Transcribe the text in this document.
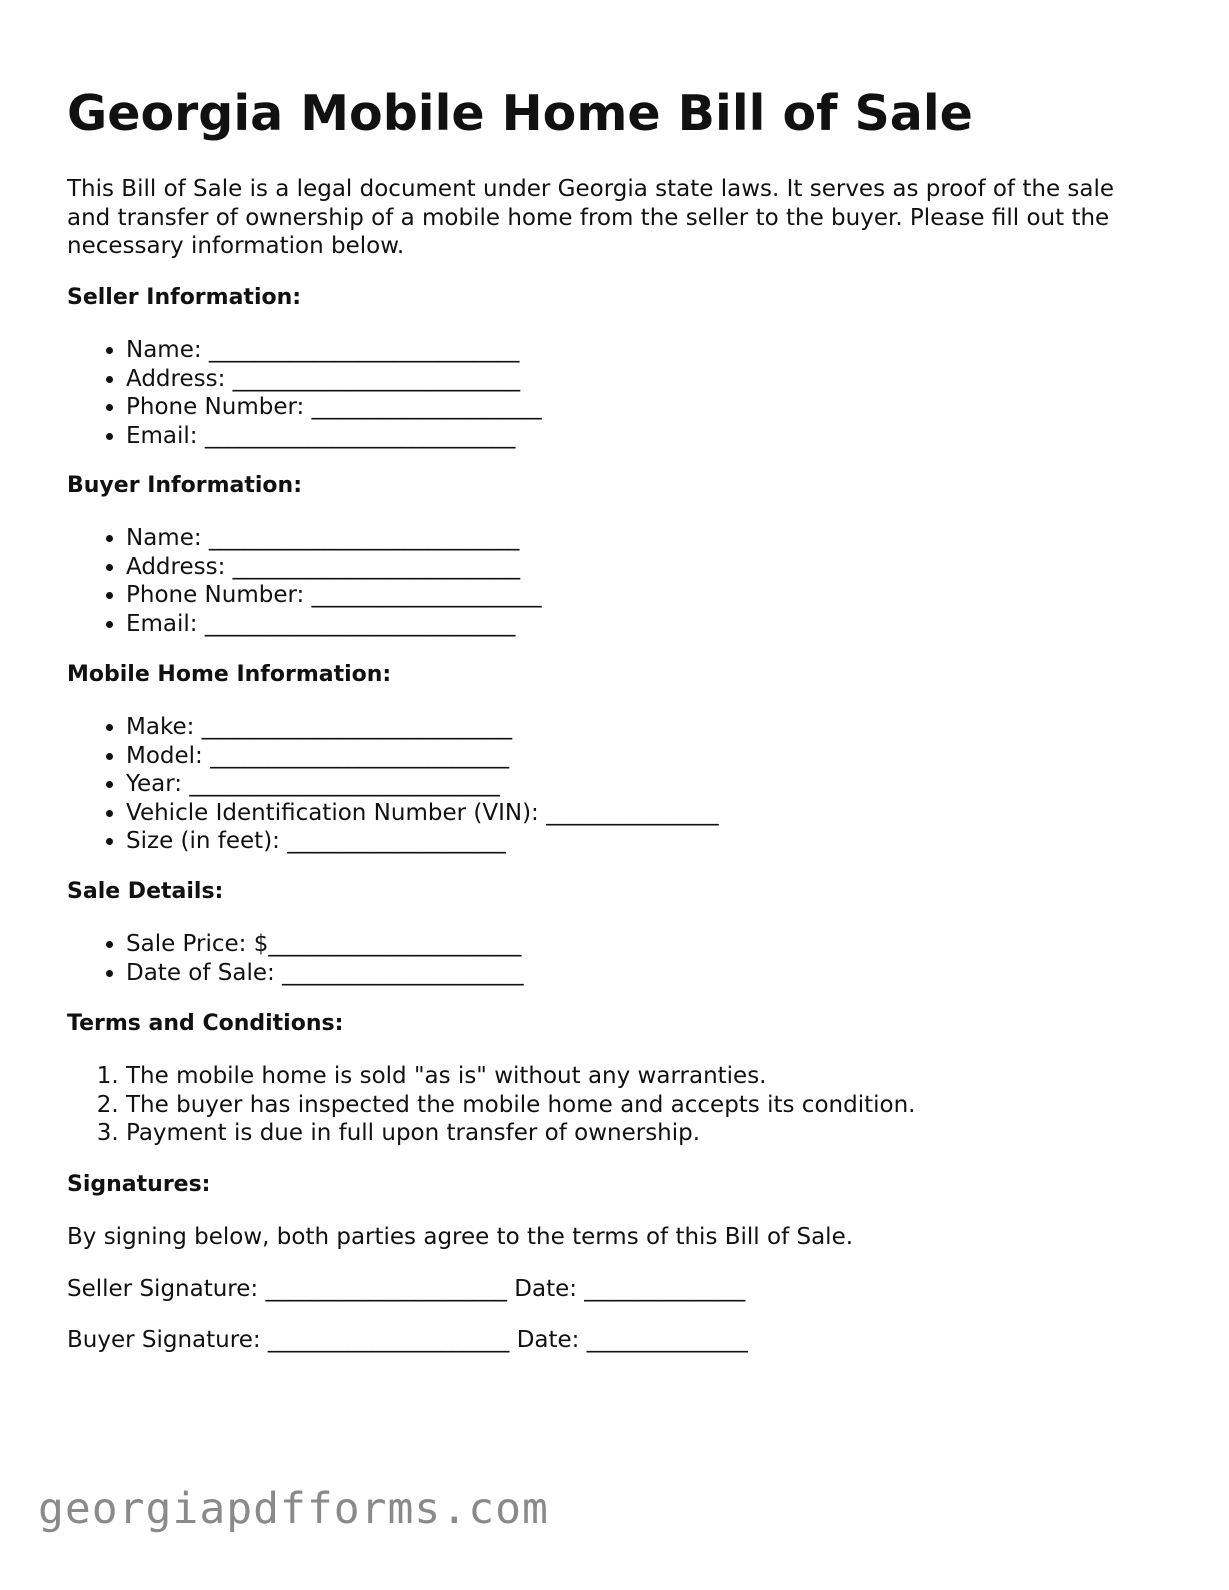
Georgia Mobile Home Bill of Sale

This Bill of Sale is a legal document under Georgia state laws. It serves as proof of the sale and transfer of ownership of a mobile home from the seller to the buyer. Please fill out the necessary information below.

Seller Information:

• Name: ___________________________
• Address: _________________________
• Phone Number: ____________________
• Email: ___________________________

Buyer Information:

• Name: ___________________________
• Address: _________________________
• Phone Number: ____________________
• Email: ___________________________

Mobile Home Information:

• Make: ___________________________
• Model: __________________________
• Year: ___________________________
• Vehicle Identification Number (VIN): _______________
• Size (in feet): ___________________

Sale Details:

• Sale Price: $______________________
• Date of Sale: _____________________

Terms and Conditions:

1. The mobile home is sold "as is" without any warranties.
2. The buyer has inspected the mobile home and accepts its condition.
3. Payment is due in full upon transfer of ownership.

Signatures:

By signing below, both parties agree to the terms of this Bill of Sale.

Seller Signature: _____________________ Date: ______________

Buyer Signature: _____________________ Date: ______________

georgiapdfforms.com
